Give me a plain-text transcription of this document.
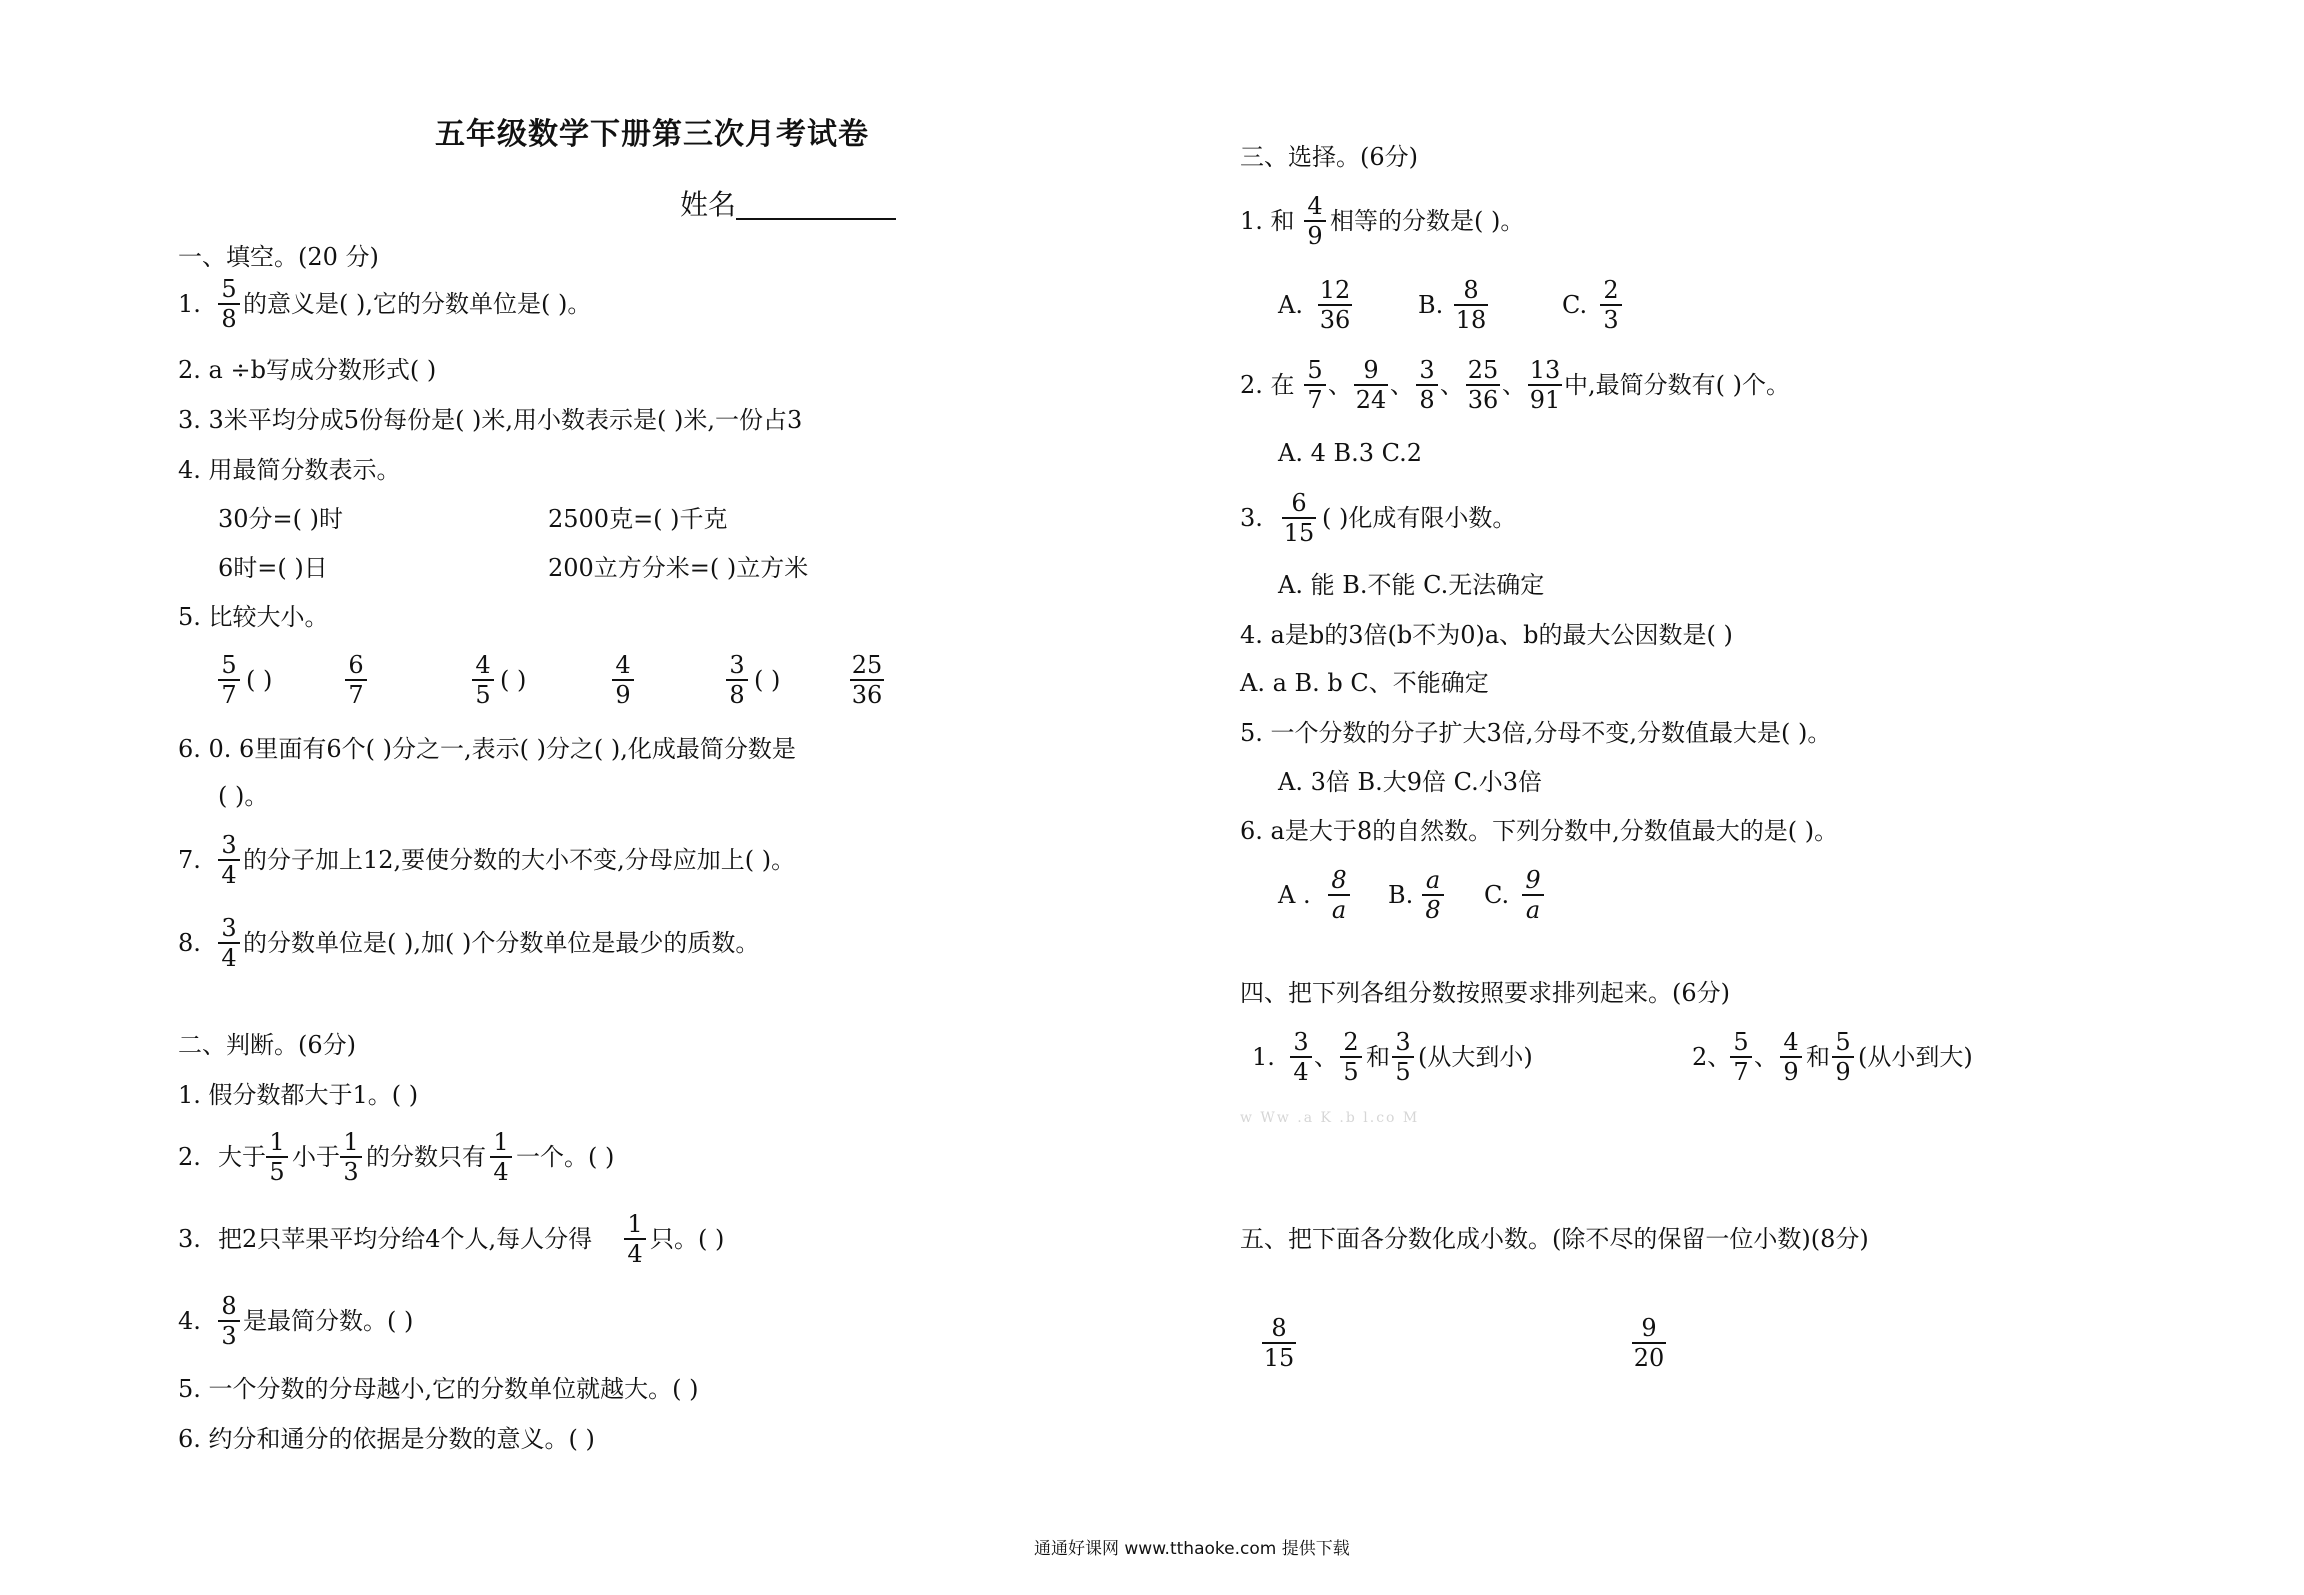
五年级数学下册第三次月考试卷
姓名
一、填空。(20 分)
1. $\frac{5}{8}$ 的意义是( ),它的分数单位是( )。
2. a ÷b写成分数形式( )
3. 3米平均分成5份每份是( )米,用小数表示是( )米,一份占3
4. 用最简分数表示。
30分=( )时	2500克=( )千克
6时=( )日	200立方分米=( )立方米
5. 比较大小。
$\frac{5}{7}$ ( )	$\frac{6}{7}$	$\frac{4}{5}$ ( )	$\frac{4}{9}$	$\frac{3}{8}$ ( )	$\frac{25}{36}$
6. 0. 6里面有6个( )分之一,表示( )分之( ),化成最简分数是
( )。
7. $\frac{3}{4}$ 的分子加上12,要使分数的大小不变,分母应加上( )。
8. $\frac{3}{4}$ 的分数单位是( ),加( )个分数单位是最少的质数。
二、判断。(6分)
1. 假分数都大于1。( )
2. 大于 $\frac{1}{5}$ 小于 $\frac{1}{3}$ 的分数只有 $\frac{1}{4}$ 一个。( )
3. 把2只苹果平均分给4个人,每人分得 $\frac{1}{4}$ 只。( )
4. $\frac{8}{3}$ 是最简分数。( )
5. 一个分数的分母越小,它的分数单位就越大。( )
6. 约分和通分的依据是分数的意义。( )
三、选择。(6分)
1. 和 $\frac{4}{9}$ 相等的分数是( )。
A. $\frac{12}{36}$	B. $\frac{8}{18}$	C. $\frac{2}{3}$
2. 在 $\frac{5}{7}$ 、 $\frac{9}{24}$ 、 $\frac{3}{8}$ 、 $\frac{25}{36}$ 、 $\frac{13}{91}$ 中,最简分数有( )个。
A. 4 B.3 C.2
3. $\frac{6}{15}$ ( )化成有限小数。
A. 能 B.不能 C.无法确定
4. a是b的3倍(b不为0)a、b的最大公因数是( )
A. a B. b C、不能确定
5. 一个分数的分子扩大3倍,分母不变,分数值最大是( )。
A. 3倍 B.大9倍 C.小3倍
6. a是大于8的自然数。下列分数中,分数值最大的是( )。
A . $\frac{8}{a} B$. $\frac{a}{8} C$. $\frac{9}{a}$
四、把下列各组分数按照要求排列起来。(6分)
1. $\frac{3}{4}$ 、 $\frac{2}{5}$ 和 $\frac{3}{5}$ (从大到小)	2、
$\frac{5}{7}$ 、 $\frac{4}{9}$ 和 $\frac{5}{9}$ (从小到大)
w Ww .a K .b l.co M
五、把下面各分数化成小数。(除不尽的保留一位小数)(8分)
$\frac{8}{15}$	$\frac{9}{20}$
通通好课网 www.tthaoke.com 提供下载
